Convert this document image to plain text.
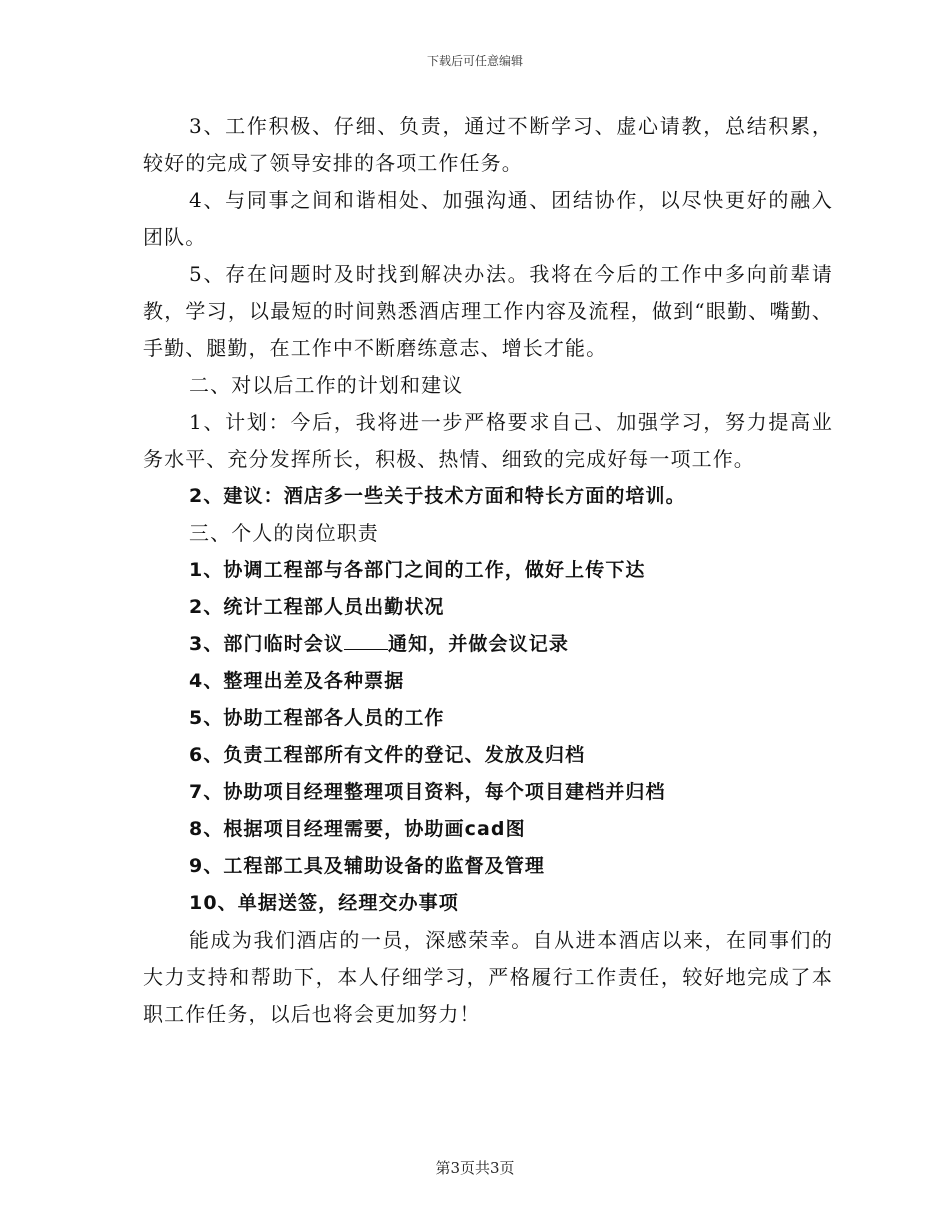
下载后可任意编辑

3、工作积极、仔细、负责，通过不断学习、虚心请教，总结积累，较好的完成了领导安排的各项工作任务。

4、与同事之间和谐相处、加强沟通、团结协作，以尽快更好的融入团队。

5、存在问题时及时找到解决办法。我将在今后的工作中多向前辈请教，学习，以最短的时间熟悉酒店理工作内容及流程，做到“眼勤、嘴勤、手勤、腿勤，在工作中不断磨练意志、增长才能。

二、对以后工作的计划和建议

1、计划：今后，我将进一步严格要求自己、加强学习，努力提高业务水平、充分发挥所长，积极、热情、细致的完成好每一项工作。

2、建议：酒店多一些关于技术方面和特长方面的培训。

三、个人的岗位职责

1、协调工程部与各部门之间的工作，做好上传下达

2、统计工程部人员出勤状况

3、部门临时会议 通知，并做会议记录

4、整理出差及各种票据

5、协助工程部各人员的工作

6、负责工程部所有文件的登记、发放及归档

7、协助项目经理整理项目资料，每个项目建档并归档

8、根据项目经理需要，协助画cad图

9、工程部工具及辅助设备的监督及管理

10、单据送签，经理交办事项

能成为我们酒店的一员，深感荣幸。自从进本酒店以来，在同事们的大力支持和帮助下，本人仔细学习，严格履行工作责任，较好地完成了本职工作任务，以后也将会更加努力！

第3页共3页
